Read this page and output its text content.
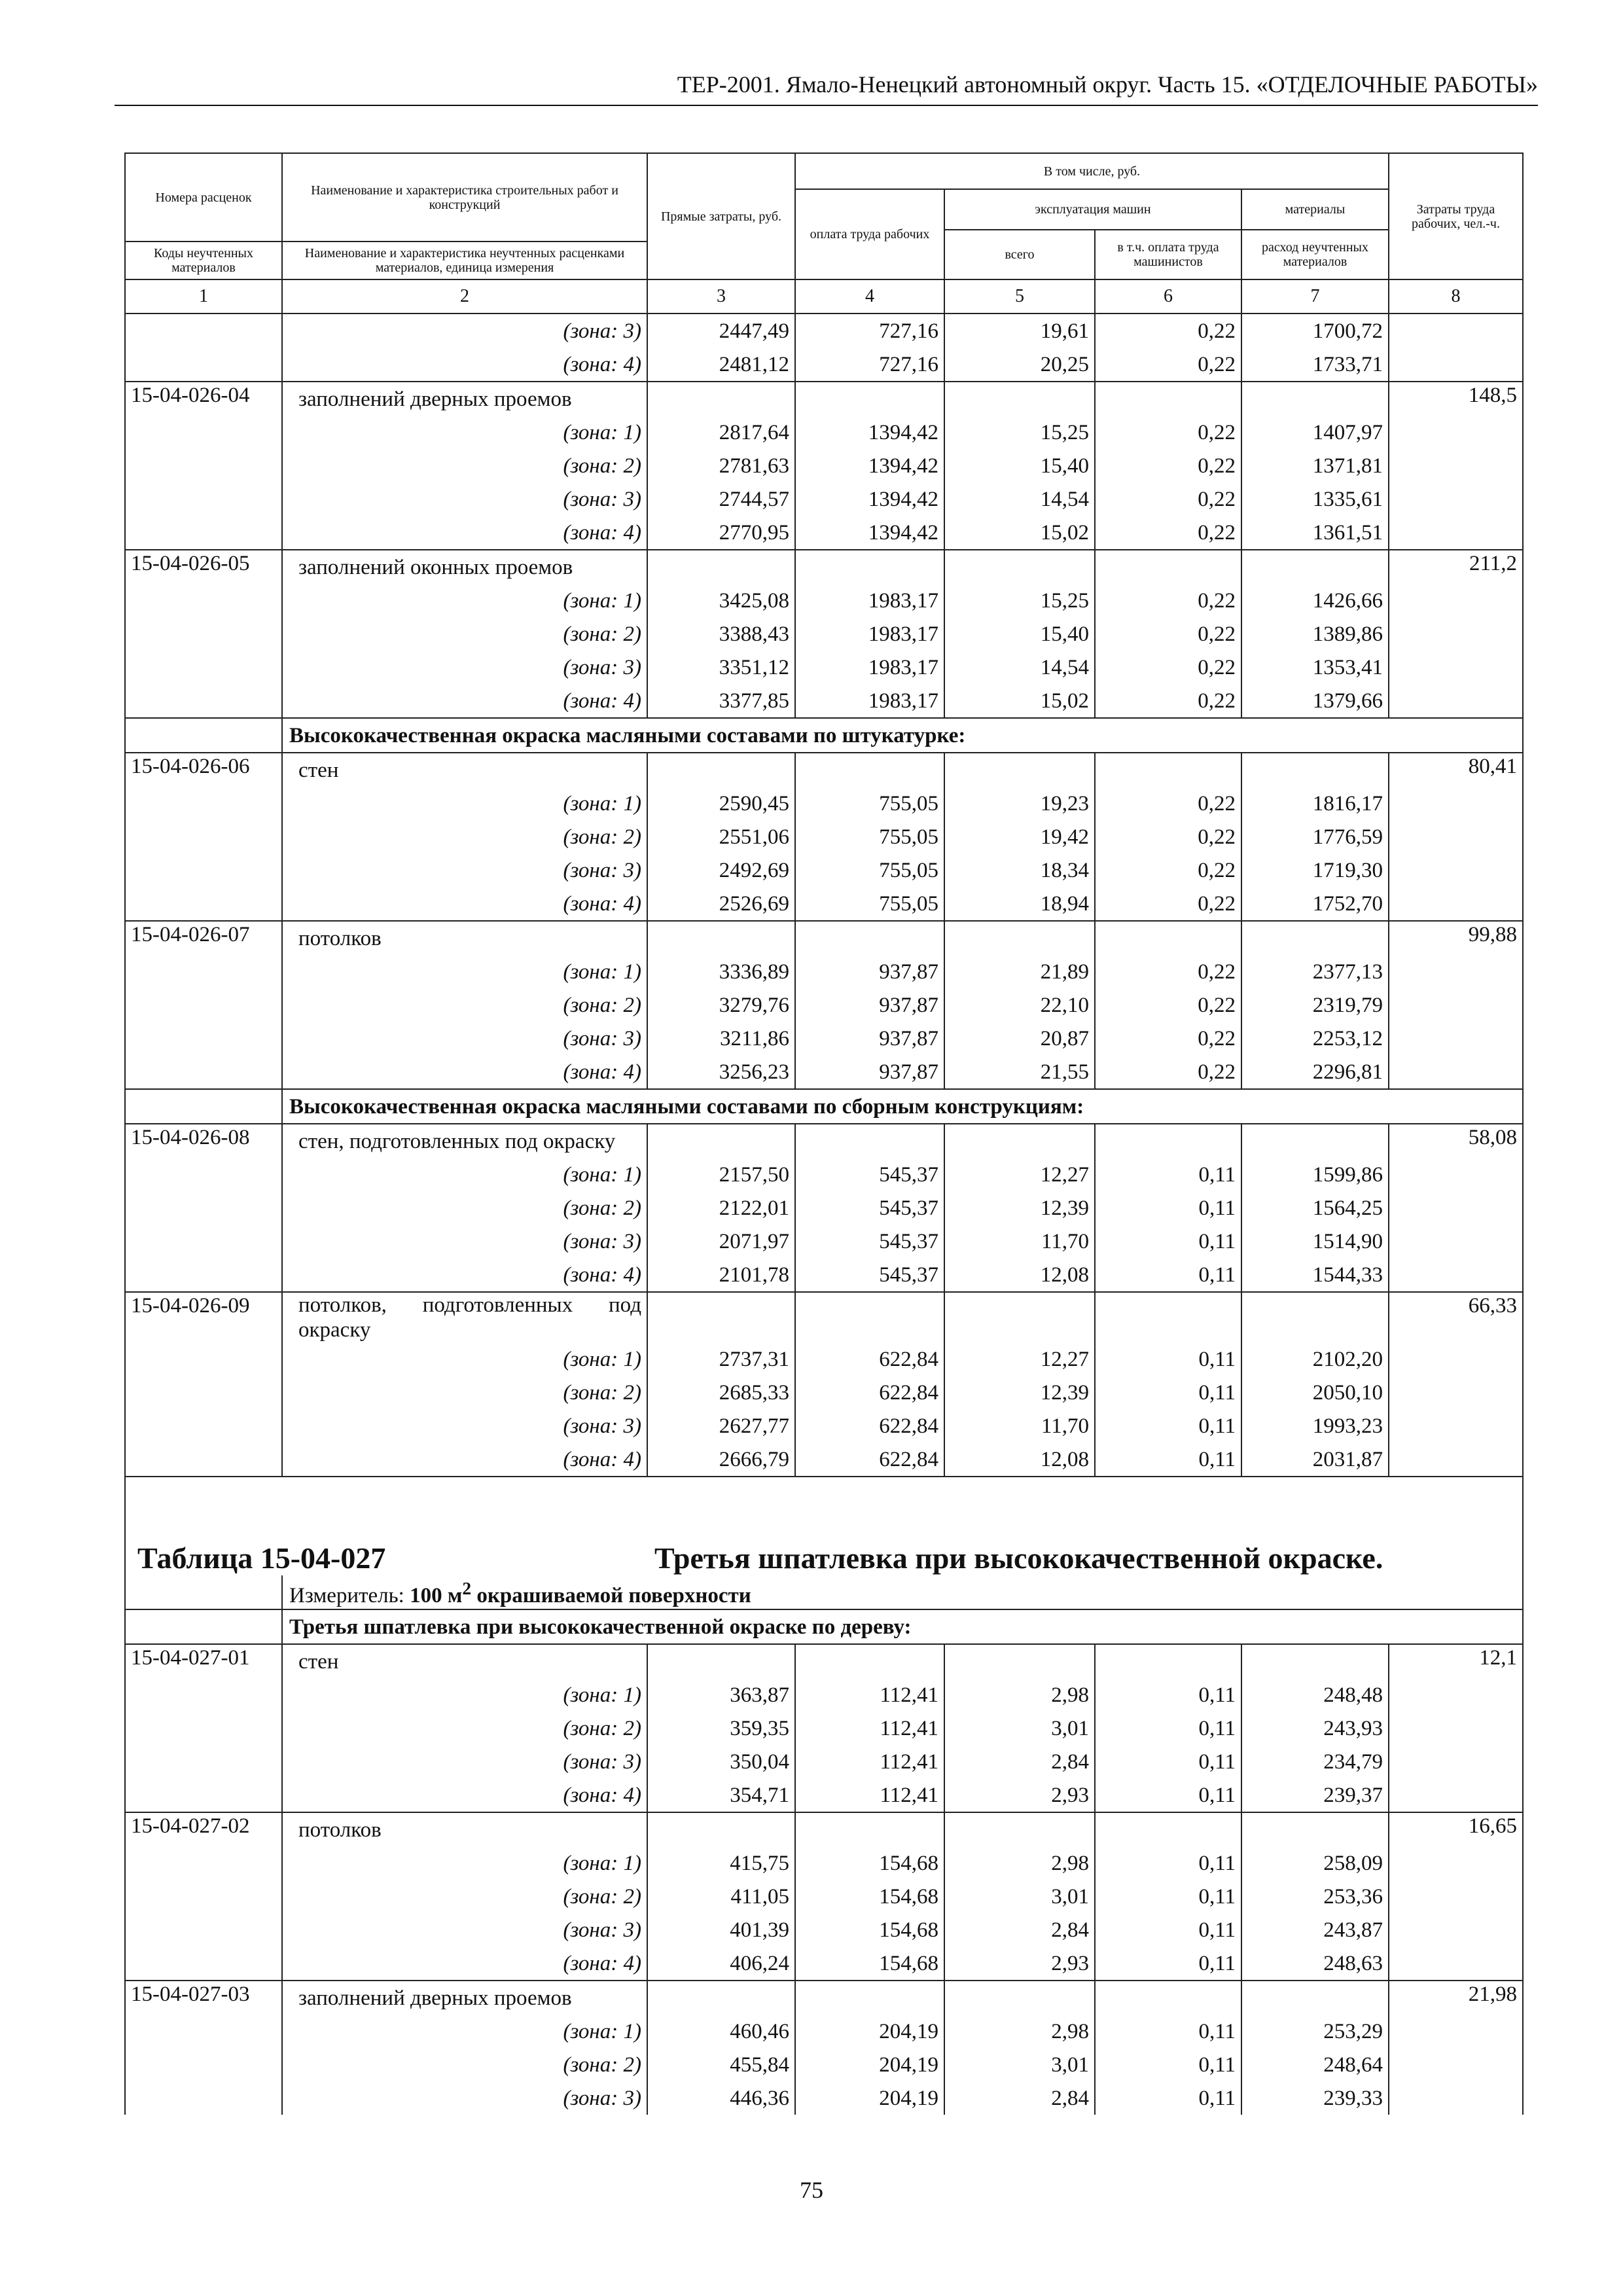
ТЕР-2001. Ямало-Ненецкий автономный округ. Часть 15. «ОТДЕЛОЧНЫЕ РАБОТЫ»
Номера расценок	Наименование и характеристика строительных работ и конструкций	Прямые затраты, руб.	В том числе, руб.				Затраты труда рабочих, чел.-ч.
			оплата труда рабочих	эксплуатация машин		материалы	
				всего	в т.ч. оплата труда машинистов	расход неучтенных материалов	
Коды неучтенных материалов	Наименование и характеристика неучтенных расценками материалов, единица измерения						

1	2	3	4	5	6	7	8
	(зона: 3)	2447,49	727,16	19,61	0,22	1700,72	
	(зона: 4)	2481,12	727,16	20,25	0,22	1733,71	
15-04-026-04	заполнений дверных проемов						148,5
	(зона: 1)	2817,64	1394,42	15,25	0,22	1407,97	
	(зона: 2)	2781,63	1394,42	15,40	0,22	1371,81	
	(зона: 3)	2744,57	1394,42	14,54	0,22	1335,61	
	(зона: 4)	2770,95	1394,42	15,02	0,22	1361,51	
15-04-026-05	заполнений оконных проемов						211,2
	(зона: 1)	3425,08	1983,17	15,25	0,22	1426,66	
	(зона: 2)	3388,43	1983,17	15,40	0,22	1389,86	
	(зона: 3)	3351,12	1983,17	14,54	0,22	1353,41	
	(зона: 4)	3377,85	1983,17	15,02	0,22	1379,66	
	Высококачественная окраска масляными составами по штукатурке:						
15-04-026-06	стен						80,41
	(зона: 1)	2590,45	755,05	19,23	0,22	1816,17	
	(зона: 2)	2551,06	755,05	19,42	0,22	1776,59	
	(зона: 3)	2492,69	755,05	18,34	0,22	1719,30	
	(зона: 4)	2526,69	755,05	18,94	0,22	1752,70	
15-04-026-07	потолков						99,88
	(зона: 1)	3336,89	937,87	21,89	0,22	2377,13	
	(зона: 2)	3279,76	937,87	22,10	0,22	2319,79	
	(зона: 3)	3211,86	937,87	20,87	0,22	2253,12	
	(зона: 4)	3256,23	937,87	21,55	0,22	2296,81	
	Высококачественная окраска масляными составами по сборным конструкциям:						
15-04-026-08	стен, подготовленных под окраску						58,08
	(зона: 1)	2157,50	545,37	12,27	0,11	1599,86	
	(зона: 2)	2122,01	545,37	12,39	0,11	1564,25	
	(зона: 3)	2071,97	545,37	11,70	0,11	1514,90	
	(зона: 4)	2101,78	545,37	12,08	0,11	1544,33	
15-04-026-09	потолков, подготовленных под окраску						66,33
	(зона: 1)	2737,31	622,84	12,27	0,11	2102,20	
	(зона: 2)	2685,33	622,84	12,39	0,11	2050,10	
	(зона: 3)	2627,77	622,84	11,70	0,11	1993,23	
	(зона: 4)	2666,79	622,84	12,08	0,11	2031,87	

Таблица 15-04-027 Третья шпатлевка при высококачественной окраске.							

	Измеритель: 100 $м^2$ окрашиваемой поверхности						
	Третья шпатлевка при высококачественной окраске по дереву:						
15-04-027-01	стен						12,1
	(зона: 1)	363,87	112,41	2,98	0,11	248,48	
	(зона: 2)	359,35	112,41	3,01	0,11	243,93	
	(зона: 3)	350,04	112,41	2,84	0,11	234,79	
	(зона: 4)	354,71	112,41	2,93	0,11	239,37	
15-04-027-02	потолков						16,65
	(зона: 1)	415,75	154,68	2,98	0,11	258,09	
	(зона: 2)	411,05	154,68	3,01	0,11	253,36	
	(зона: 3)	401,39	154,68	2,84	0,11	243,87	
	(зона: 4)	406,24	154,68	2,93	0,11	248,63	
15-04-027-03	заполнений дверных проемов						21,98
	(зона: 1)	460,46	204,19	2,98	0,11	253,29	
	(зона: 2)	455,84	204,19	3,01	0,11	248,64	
	(зона: 3)	446,36	204,19	2,84	0,11	239,33	
75
